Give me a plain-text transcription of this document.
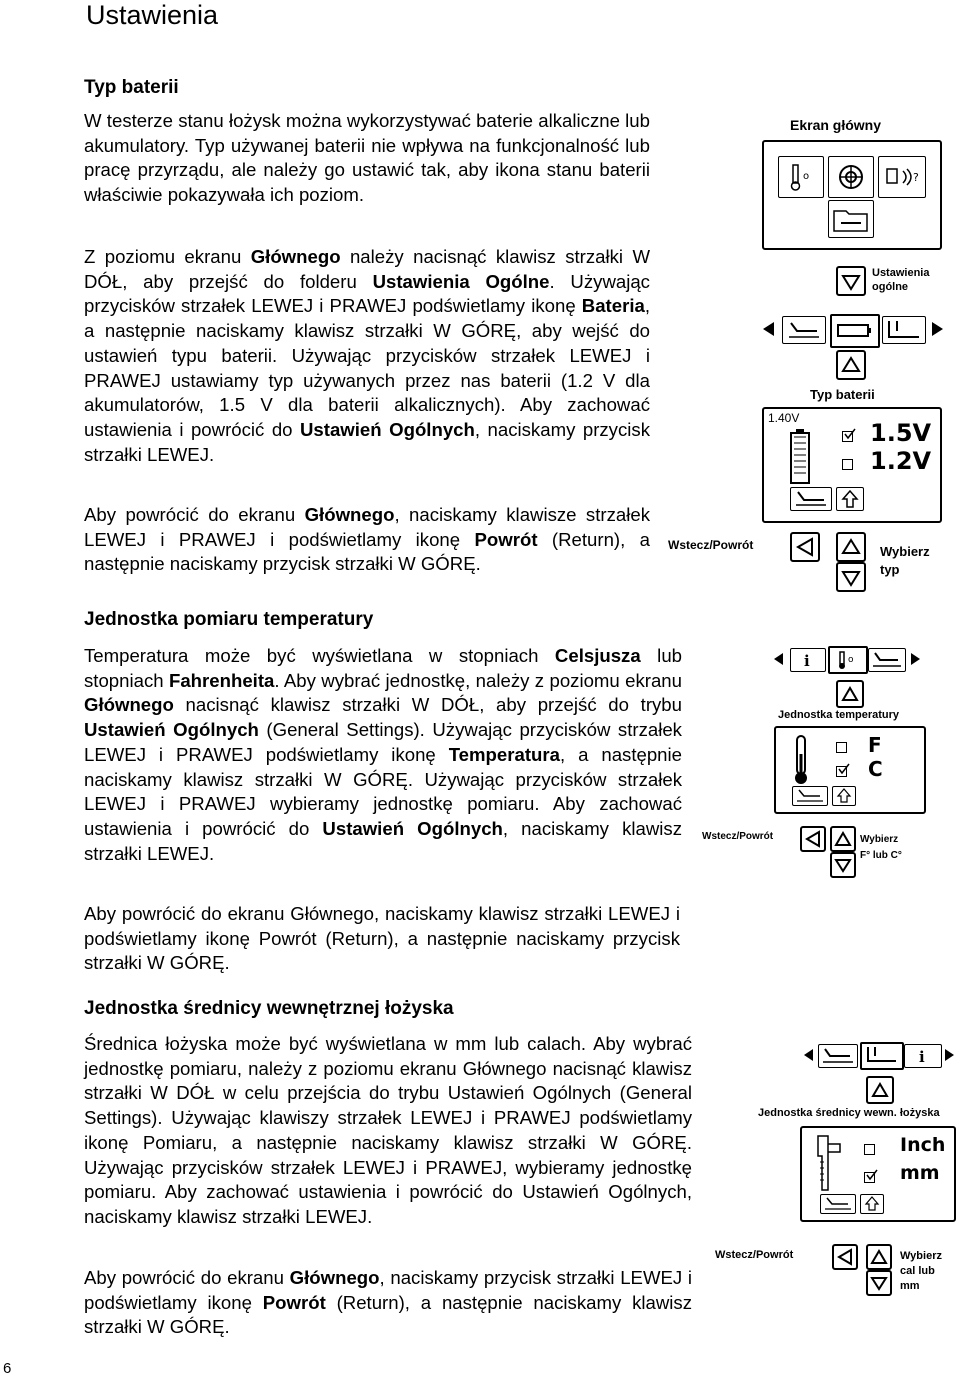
Ustawienia
6
Typ baterii

W testerze stanu łożysk można wykorzystywać baterie alkaliczne lub akumulatory. Typ używanej baterii nie wpływa na funkcjonalność lub pracę przyrządu, ale należy go ustawić tak, aby ikona stanu baterii właściwie pokazywała ich poziom.

Z poziomu ekranu Głównego należy nacisnąć klawisz strzałki W DÓŁ, aby przejść do folderu Ustawienia Ogólne. Używając przycisków strzałek LEWEJ i PRAWEJ podświetlamy ikonę Bateria, a następnie naciskamy klawisz strzałki W GÓRĘ, aby wejść do ustawień typu baterii. Używając przycisków strzałek LEWEJ i PRAWEJ ustawiamy typ używanych przez nas baterii (1.2 V dla akumulatorów, 1.5 V dla baterii alkalicznych). Aby zachować ustawienia i powrócić do Ustawień Ogólnych, naciskamy przycisk strzałki LEWEJ.

Aby powrócić do ekranu Głównego, naciskamy klawisze strzałek LEWEJ i PRAWEJ i podświetlamy ikonę Powrót (Return), a następnie naciskamy przycisk strzałki W GÓRĘ.

Jednostka pomiaru temperatury

Temperatura może być wyświetlana w stopniach Celsjusza lub stopniach Fahrenheita. Aby wybrać jednostkę, należy z poziomu ekranu Głównego nacisnąć klawisz strzałki W DÓŁ, aby przejść do trybu Ustawień Ogólnych (General Settings). Używając przycisków strzałek LEWEJ i PRAWEJ podświetlamy ikonę Temperatura, a następnie naciskamy klawisz strzałki W GÓRĘ. Używając przycisków strzałek LEWEJ i PRAWEJ wybieramy jednostkę pomiaru. Aby zachować ustawienia i powrócić do Ustawień Ogólnych, naciskamy klawisz strzałki LEWEJ.

Aby powrócić do ekranu Głównego, naciskamy klawisz strzałki LEWEJ i podświetlamy ikonę Powrót (Return), a następnie naciskamy przycisk strzałki W GÓRĘ.

Jednostka średnicy wewnętrznej łożyska

Średnica łożyska może być wyświetlana w mm lub calach. Aby wybrać jednostkę pomiaru, należy z poziomu ekranu Głównego nacisnąć klawisz strzałki W DÓŁ w celu przejścia do trybu Ustawień Ogólnych (General Settings). Używając klawiszy strzałek LEWEJ i PRAWEJ podświetlamy ikonę Pomiaru, a następnie naciskamy klawisz strzałki W GÓRĘ. Używając przycisków strzałek LEWEJ i PRAWEJ, wybieramy jednostkę pomiaru. Aby zachować ustawienia i powrócić do Ustawień Ogólnych, naciskamy klawisz strzałki LEWEJ.

Aby powrócić do ekranu Głównego, naciskamy przycisk strzałki LEWEJ i podświetlamy ikonę Powrót (Return), a następnie naciskamy klawisz strzałki W GÓRĘ.

Ekran główny
o	?
Ustawienia
ogólne
Typ baterii
1.40V
1.5V
1.2V
Wstecz/Powrót	Wybierz
typ
i	o
Jednostka temperatury
F
C
Wstecz/Powrót	Wybierz
F° lub C°
i
Jednostka średnicy wewn. łożyska
Inch
mm
Wstecz/Powrót	Wybierz
cal lub
mm
